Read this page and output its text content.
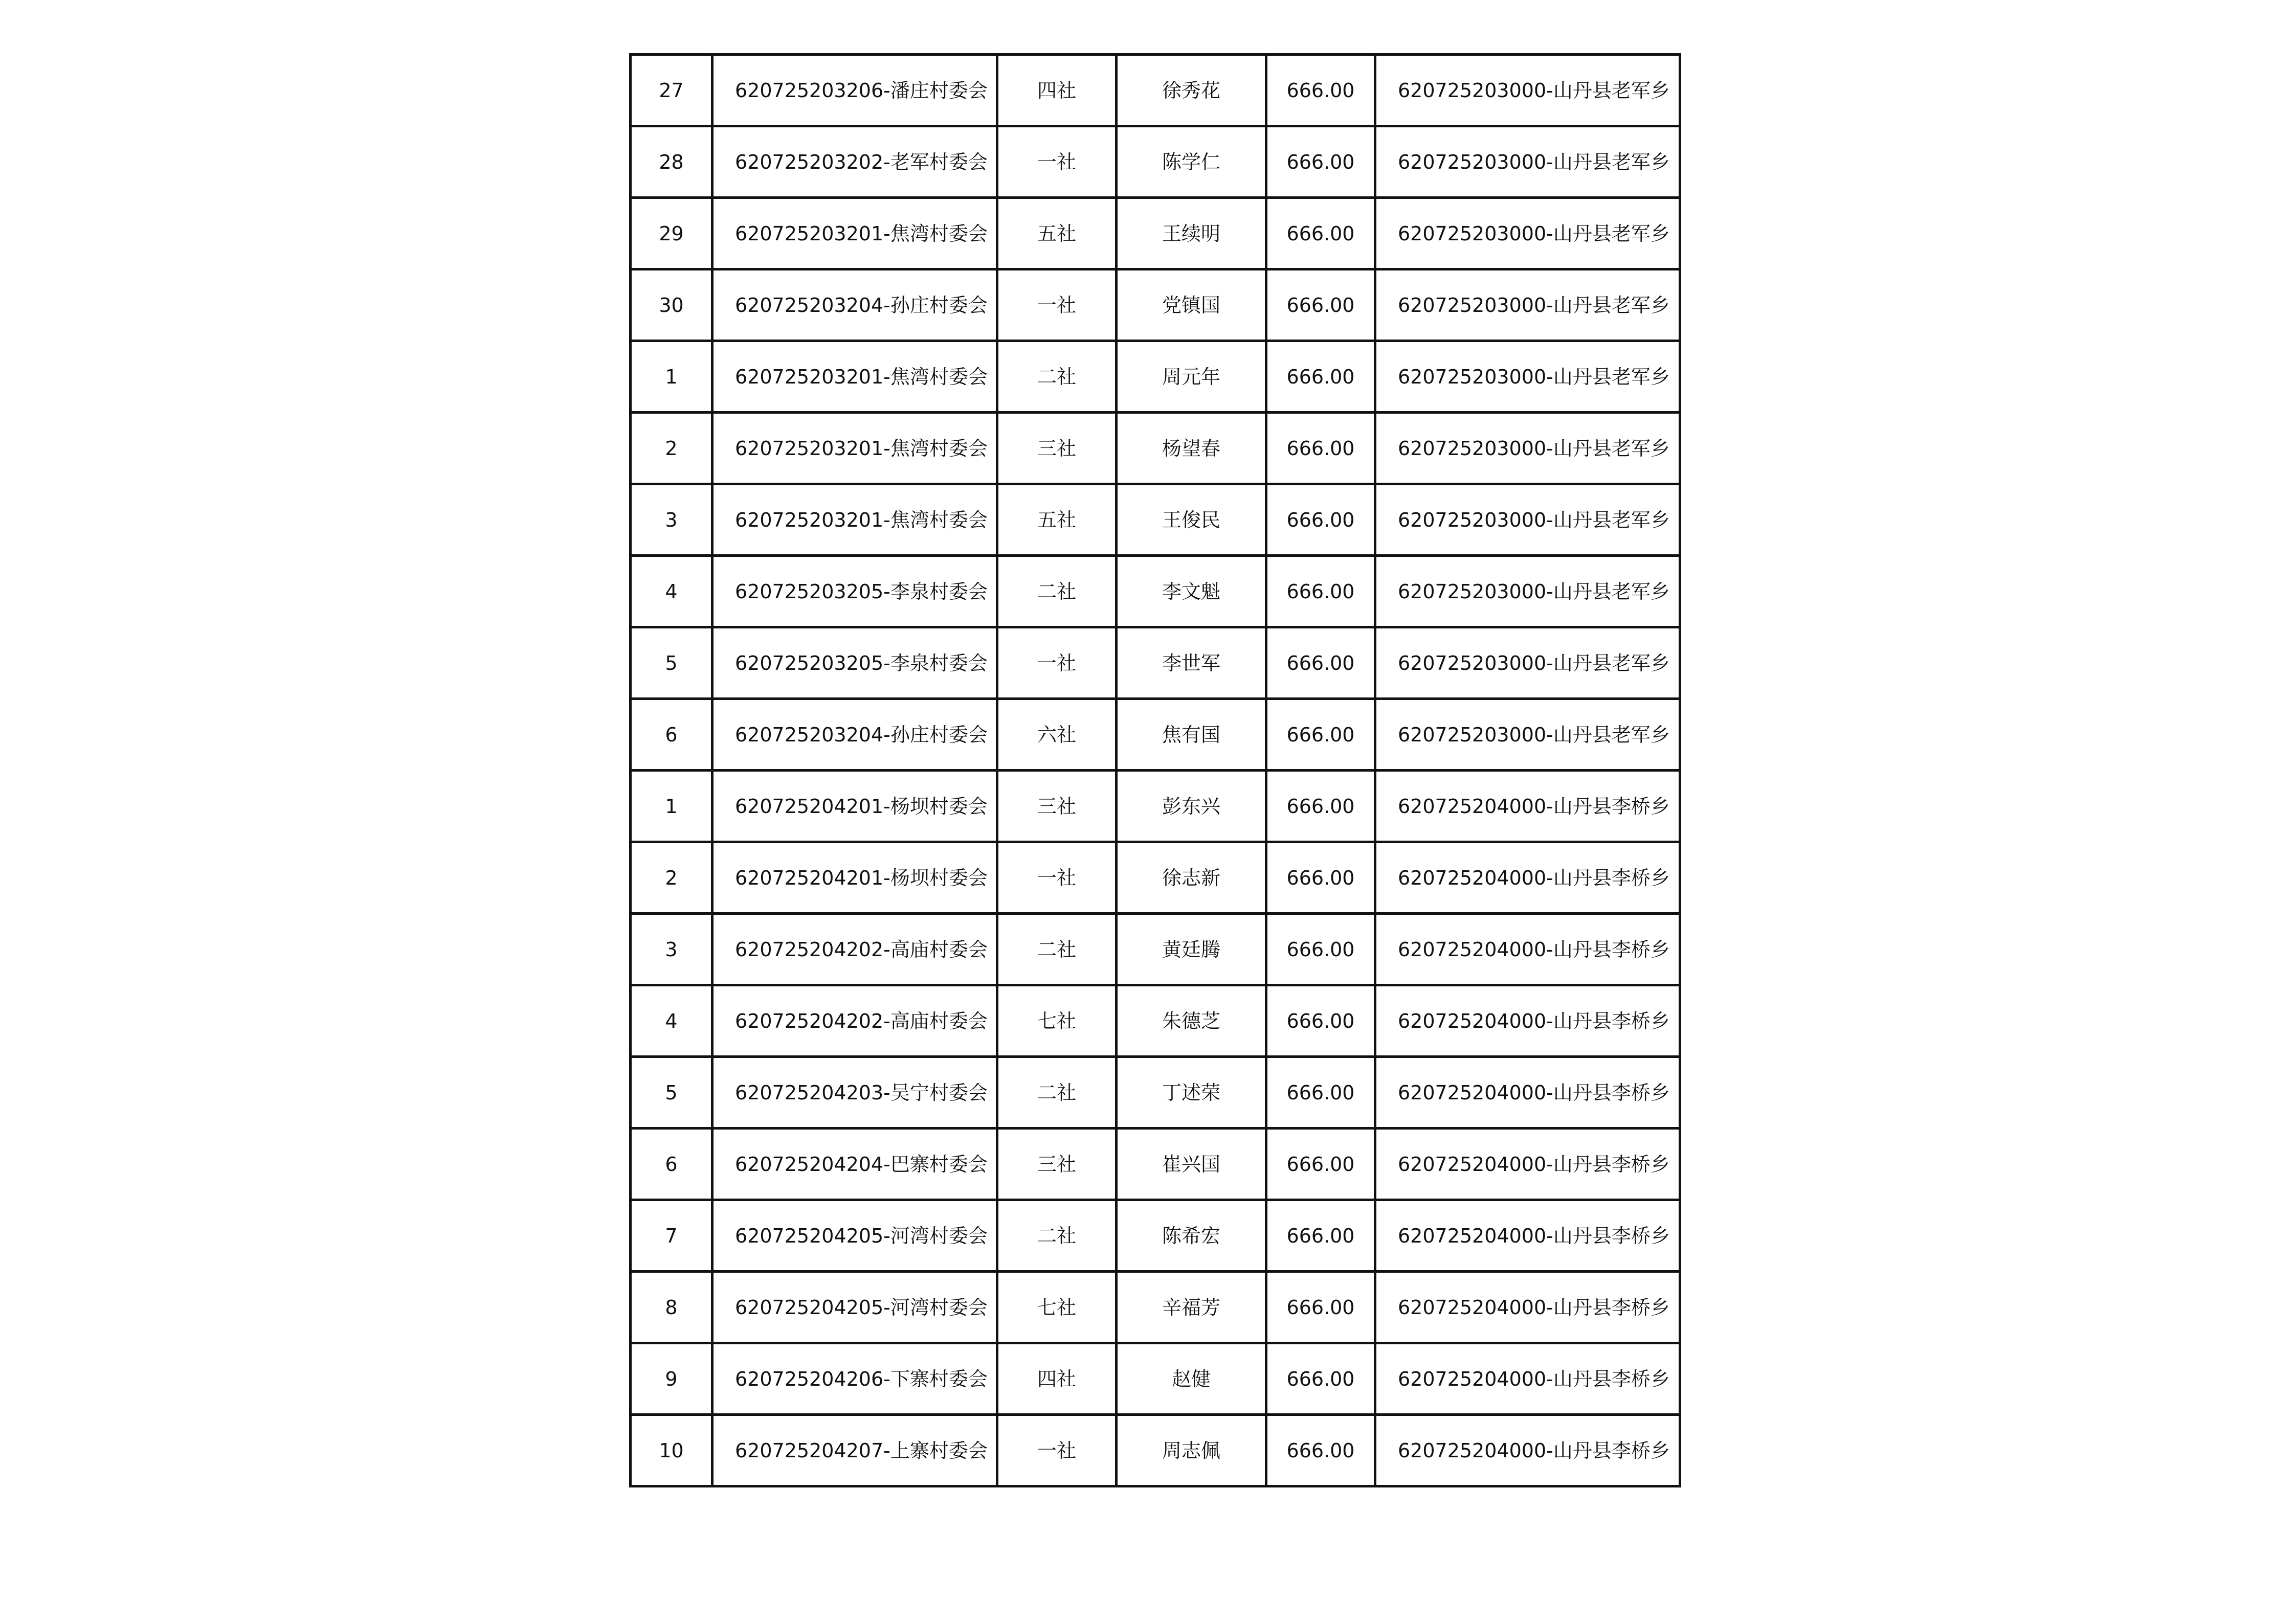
27	620725203206-潘庄村委会	四社	徐秀花	666.00	620725203000-山丹县老军乡
28	620725203202-老军村委会	一社	陈学仁	666.00	620725203000-山丹县老军乡
29	620725203201-焦湾村委会	五社	王续明	666.00	620725203000-山丹县老军乡
30	620725203204-孙庄村委会	一社	党镇国	666.00	620725203000-山丹县老军乡
1	620725203201-焦湾村委会	二社	周元年	666.00	620725203000-山丹县老军乡
2	620725203201-焦湾村委会	三社	杨望春	666.00	620725203000-山丹县老军乡
3	620725203201-焦湾村委会	五社	王俊民	666.00	620725203000-山丹县老军乡
4	620725203205-李泉村委会	二社	李文魁	666.00	620725203000-山丹县老军乡
5	620725203205-李泉村委会	一社	李世军	666.00	620725203000-山丹县老军乡
6	620725203204-孙庄村委会	六社	焦有国	666.00	620725203000-山丹县老军乡
1	620725204201-杨坝村委会	三社	彭东兴	666.00	620725204000-山丹县李桥乡
2	620725204201-杨坝村委会	一社	徐志新	666.00	620725204000-山丹县李桥乡
3	620725204202-高庙村委会	二社	黄廷腾	666.00	620725204000-山丹县李桥乡
4	620725204202-高庙村委会	七社	朱德芝	666.00	620725204000-山丹县李桥乡
5	620725204203-吴宁村委会	二社	丁述荣	666.00	620725204000-山丹县李桥乡
6	620725204204-巴寨村委会	三社	崔兴国	666.00	620725204000-山丹县李桥乡
7	620725204205-河湾村委会	二社	陈希宏	666.00	620725204000-山丹县李桥乡
8	620725204205-河湾村委会	七社	辛福芳	666.00	620725204000-山丹县李桥乡
9	620725204206-下寨村委会	四社	赵健	666.00	620725204000-山丹县李桥乡
10	620725204207-上寨村委会	一社	周志佩	666.00	620725204000-山丹县李桥乡
